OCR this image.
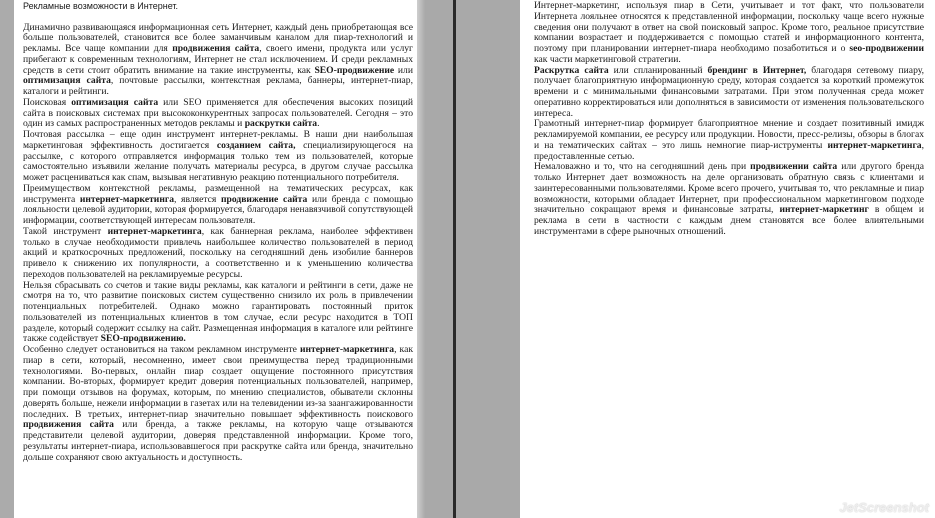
Рекламные возможности в Интернет.

Динамично развивающаяся информационная сеть Интернет, каждый день приобретающая все больше пользователей, становится все более заманчивым каналом для пиар-технологий и рекламы. Все чаще компании для продвижения сайта, своего имени, продукта или услуг прибегают к современным технологиям, Интернет не стал исключением. И среди рекламных средств в сети стоит обратить внимание на такие инструменты, как SEO-продвижение или оптимизация сайта, почтовые рассылки, контекстная реклама, баннеры, интернет-пиар, каталоги и рейтинги.

Поисковая оптимизация сайта или SEO применяется для обеспечения высоких позиций сайта в поисковых системах при высококонкурентных запросах пользователей. Сегодня – это один из самых распространенных методов рекламы и раскрутки сайта.

Почтовая рассылка – еще один инструмент интернет-рекламы. В наши дни наибольшая маркетинговая эффективность достигается созданием сайта, специализирующегося на рассылке, с которого отправляется информация только тем из пользователей, которые самостоятельно изъявили желание получать материалы ресурса, в другом случае рассылка может расцениваться как спам, вызывая негативную реакцию потенциального потребителя.

Преимуществом контекстной рекламы, размещенной на тематических ресурсах, как инструмента интернет-маркетинга, является продвижение сайта или бренда с помощью лояльности целевой аудитории, которая формируется, благодаря ненавязчивой сопутствующей информации, соответствующей интересам пользователя.

Такой инструмент интернет-маркетинга, как баннерная реклама, наиболее эффективен только в случае необходимости привлечь наибольшее количество пользователей в период акций и краткосрочных предложений, поскольку на сегодняшний день изобилие баннеров привело к снижению их популярности, а соответственно и к уменьшению количества переходов пользователей на рекламируемые ресурсы.

Нельзя сбрасывать со счетов и такие виды рекламы, как каталоги и рейтинги в сети, даже не смотря на то, что развитие поисковых систем существенно снизило их роль в привлечении потенциальных потребителей. Однако можно гарантировать постоянный приток пользователей из потенциальных клиентов в том случае, если ресурс находится в ТОП разделе, который содержит ссылку на сайт. Размещенная информация в каталоге или рейтинге также содействует SEO-продвижению.

Особенно следует остановиться на таком рекламном инструменте интернет-маркетинга, как пиар в сети, который, несомненно, имеет свои преимущества перед традиционными технологиями. Во-первых, онлайн пиар создает ощущение постоянного присутствия компании. Во-вторых, формирует кредит доверия потенциальных пользователей, например, при помощи отзывов на форумах, которым, по мнению специалистов, обыватели склонны доверять больше, нежели информации в газетах или на телевидении из-за заангажированности последних. В третьих, интернет-пиар значительно повышает эффективность поискового продвижения сайта или бренда, а также рекламы, на которую чаще отзываются представители целевой аудитории, доверяя представленной информации. Кроме того, результаты интернет-пиара, использовавшегося при раскрутке сайта или бренда, значительно дольше сохраняют свою актуальность и доступность.

Интернет-маркетинг, используя пиар в Сети, учитывает и тот факт, что пользователи Интернета лояльнее относятся к представленной информации, поскольку чаще всего нужные сведения они получают в ответ на свой поисковый запрос. Кроме того, реальное присутствие компании возрастает и поддерживается с помощью статей и информационного контента, поэтому при планировании интернет-пиара необходимо позаботиться и о seo-продвижении как части маркетинговой стратегии.

Раскрутка сайта или спланированный брендинг в Интернет, благодаря сетевому пиару, получает благоприятную информационную среду, которая создается за короткий промежуток времени и с минимальными финансовыми затратами. При этом полученная среда может оперативно корректироваться или дополняться в зависимости от изменения пользовательского интереса.

Грамотный интернет-пиар формирует благоприятное мнение и создает позитивный имидж рекламируемой компании, ее ресурсу или продукции. Новости, пресс-релизы, обзоры в блогах и на тематических сайтах – это лишь немногие пиар-иструменты интернет-маркетинга, предоставленные сетью.

Немаловажно и то, что на сегодняшний день при продвижении сайта или другого бренда только Интернет дает возможность на деле организовать обратную связь с клиентами и заинтересованными пользователями. Кроме всего прочего, учитывая то, что рекламные и пиар возможности, которыми обладает Интернет, при профессиональном маркетинговом подходе значительно сокращают время и финансовые затраты, интернет-маркетинг в общем и реклама в сети в частности с каждым днем становятся все более влиятельными инструментами в сфере рыночных отношений.

JetScreenshot
